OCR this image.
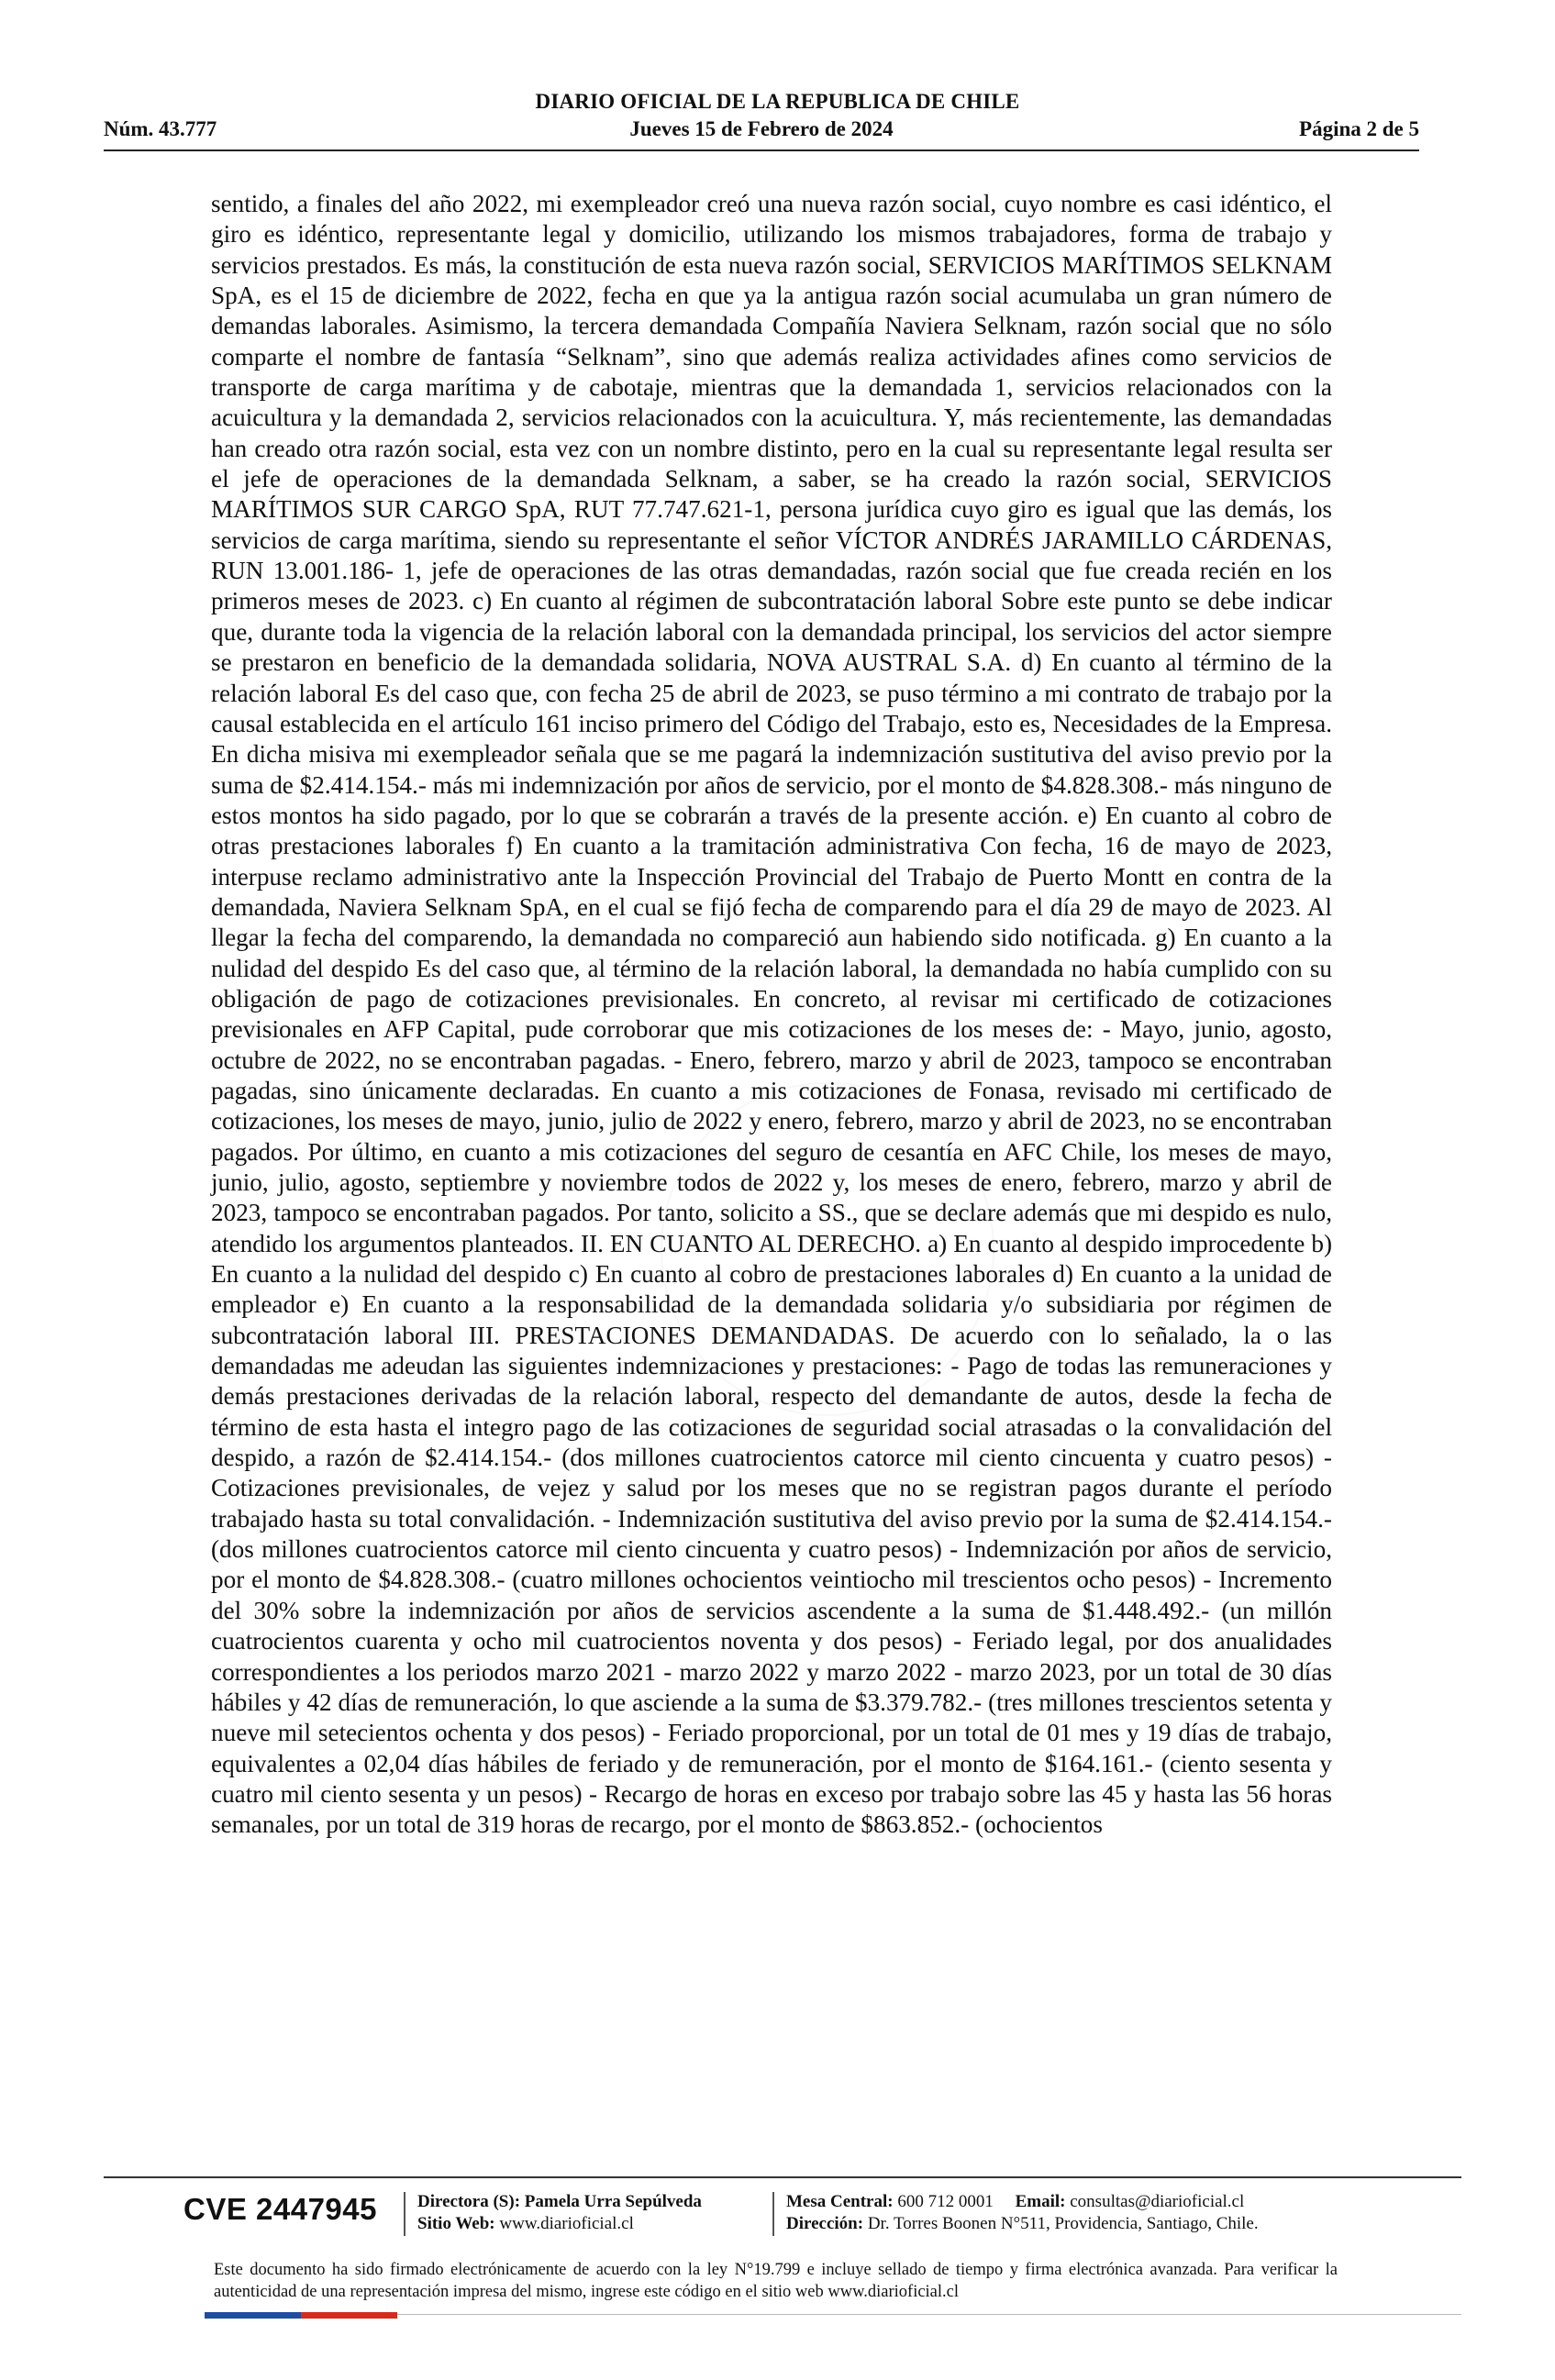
DIARIO OFICIAL DE LA REPUBLICA DE CHILE
Núm. 43.777	Jueves 15 de Febrero de 2024	Página 2 de 5
sentido, a finales del año 2022, mi exempleador creó una nueva razón social, cuyo nombre es casi idéntico, el giro es idéntico, representante legal y domicilio, utilizando los mismos trabajadores, forma de trabajo y servicios prestados. Es más, la constitución de esta nueva razón social, SERVICIOS MARÍTIMOS SELKNAM SpA, es el 15 de diciembre de 2022, fecha en que ya la antigua razón social acumulaba un gran número de demandas laborales. Asimismo, la tercera demandada Compañía Naviera Selknam, razón social que no sólo comparte el nombre de fantasía “Selknam”, sino que además realiza actividades afines como servicios de transporte de carga marítima y de cabotaje, mientras que la demandada 1, servicios relacionados con la acuicultura y la demandada 2, servicios relacionados con la acuicultura. Y, más recientemente, las demandadas han creado otra razón social, esta vez con un nombre distinto, pero en la cual su representante legal resulta ser el jefe de operaciones de la demandada Selknam, a saber, se ha creado la razón social, SERVICIOS MARÍTIMOS SUR CARGO SpA, RUT 77.747.621-1, persona jurídica cuyo giro es igual que las demás, los servicios de carga marítima, siendo su representante el señor VÍCTOR ANDRÉS JARAMILLO CÁRDENAS, RUN 13.001.186- 1, jefe de operaciones de las otras demandadas, razón social que fue creada recién en los primeros meses de 2023. c) En cuanto al régimen de subcontratación laboral Sobre este punto se debe indicar que, durante toda la vigencia de la relación laboral con la demandada principal, los servicios del actor siempre se prestaron en beneficio de la demandada solidaria, NOVA AUSTRAL S.A. d) En cuanto al término de la relación laboral Es del caso que, con fecha 25 de abril de 2023, se puso término a mi contrato de trabajo por la causal establecida en el artículo 161 inciso primero del Código del Trabajo, esto es, Necesidades de la Empresa. En dicha misiva mi exempleador señala que se me pagará la indemnización sustitutiva del aviso previo por la suma de $2.414.154.- más mi indemnización por años de servicio, por el monto de $4.828.308.- más ninguno de estos montos ha sido pagado, por lo que se cobrarán a través de la presente acción. e) En cuanto al cobro de otras prestaciones laborales f) En cuanto a la tramitación administrativa Con fecha, 16 de mayo de 2023, interpuse reclamo administrativo ante la Inspección Provincial del Trabajo de Puerto Montt en contra de la demandada, Naviera Selknam SpA, en el cual se fijó fecha de comparendo para el día 29 de mayo de 2023. Al llegar la fecha del comparendo, la demandada no compareció aun habiendo sido notificada. g) En cuanto a la nulidad del despido Es del caso que, al término de la relación laboral, la demandada no había cumplido con su obligación de pago de cotizaciones previsionales. En concreto, al revisar mi certificado de cotizaciones previsionales en AFP Capital, pude corroborar que mis cotizaciones de los meses de: - Mayo, junio, agosto, octubre de 2022, no se encontraban pagadas. - Enero, febrero, marzo y abril de 2023, tampoco se encontraban pagadas, sino únicamente declaradas. En cuanto a mis cotizaciones de Fonasa, revisado mi certificado de cotizaciones, los meses de mayo, junio, julio de 2022 y enero, febrero, marzo y abril de 2023, no se encontraban pagados. Por último, en cuanto a mis cotizaciones del seguro de cesantía en AFC Chile, los meses de mayo, junio, julio, agosto, septiembre y noviembre todos de 2022 y, los meses de enero, febrero, marzo y abril de 2023, tampoco se encontraban pagados. Por tanto, solicito a SS., que se declare además que mi despido es nulo, atendido los argumentos planteados. II. EN CUANTO AL DERECHO. a) En cuanto al despido improcedente b) En cuanto a la nulidad del despido c) En cuanto al cobro de prestaciones laborales d) En cuanto a la unidad de empleador e) En cuanto a la responsabilidad de la demandada solidaria y/o subsidiaria por régimen de subcontratación laboral III. PRESTACIONES DEMANDADAS. De acuerdo con lo señalado, la o las demandadas me adeudan las siguientes indemnizaciones y prestaciones: - Pago de todas las remuneraciones y demás prestaciones derivadas de la relación laboral, respecto del demandante de autos, desde la fecha de término de esta hasta el integro pago de las cotizaciones de seguridad social atrasadas o la convalidación del despido, a razón de $2.414.154.- (dos millones cuatrocientos catorce mil ciento cincuenta y cuatro pesos) - Cotizaciones previsionales, de vejez y salud por los meses que no se registran pagos durante el período trabajado hasta su total convalidación. - Indemnización sustitutiva del aviso previo por la suma de $2.414.154.- (dos millones cuatrocientos catorce mil ciento cincuenta y cuatro pesos) - Indemnización por años de servicio, por el monto de $4.828.308.- (cuatro millones ochocientos veintiocho mil trescientos ocho pesos) - Incremento del 30% sobre la indemnización por años de servicios ascendente a la suma de $1.448.492.- (un millón cuatrocientos cuarenta y ocho mil cuatrocientos noventa y dos pesos) - Feriado legal, por dos anualidades correspondientes a los periodos marzo 2021 - marzo 2022 y marzo 2022 - marzo 2023, por un total de 30 días hábiles y 42 días de remuneración, lo que asciende a la suma de $3.379.782.- (tres millones trescientos setenta y nueve mil setecientos ochenta y dos pesos) - Feriado proporcional, por un total de 01 mes y 19 días de trabajo, equivalentes a 02,04 días hábiles de feriado y de remuneración, por el monto de $164.161.- (ciento sesenta y cuatro mil ciento sesenta y un pesos) - Recargo de horas en exceso por trabajo sobre las 45 y hasta las 56 horas semanales, por un total de 319 horas de recargo, por el monto de $863.852.- (ochocientos
CVE 2447945 Directora (S): Pamela Urra Sepúlveda
Sitio Web: www.diarioficial.cl
Mesa Central: 600 712 0001 Email: consultas@diarioficial.cl
Dirección: Dr. Torres Boonen N°511, Providencia, Santiago, Chile.
Este documento ha sido firmado electrónicamente de acuerdo con la ley N°19.799 e incluye sellado de tiempo y firma electrónica avanzada. Para verificar la autenticidad de una representación impresa del mismo, ingrese este código en el sitio web www.diarioficial.cl
